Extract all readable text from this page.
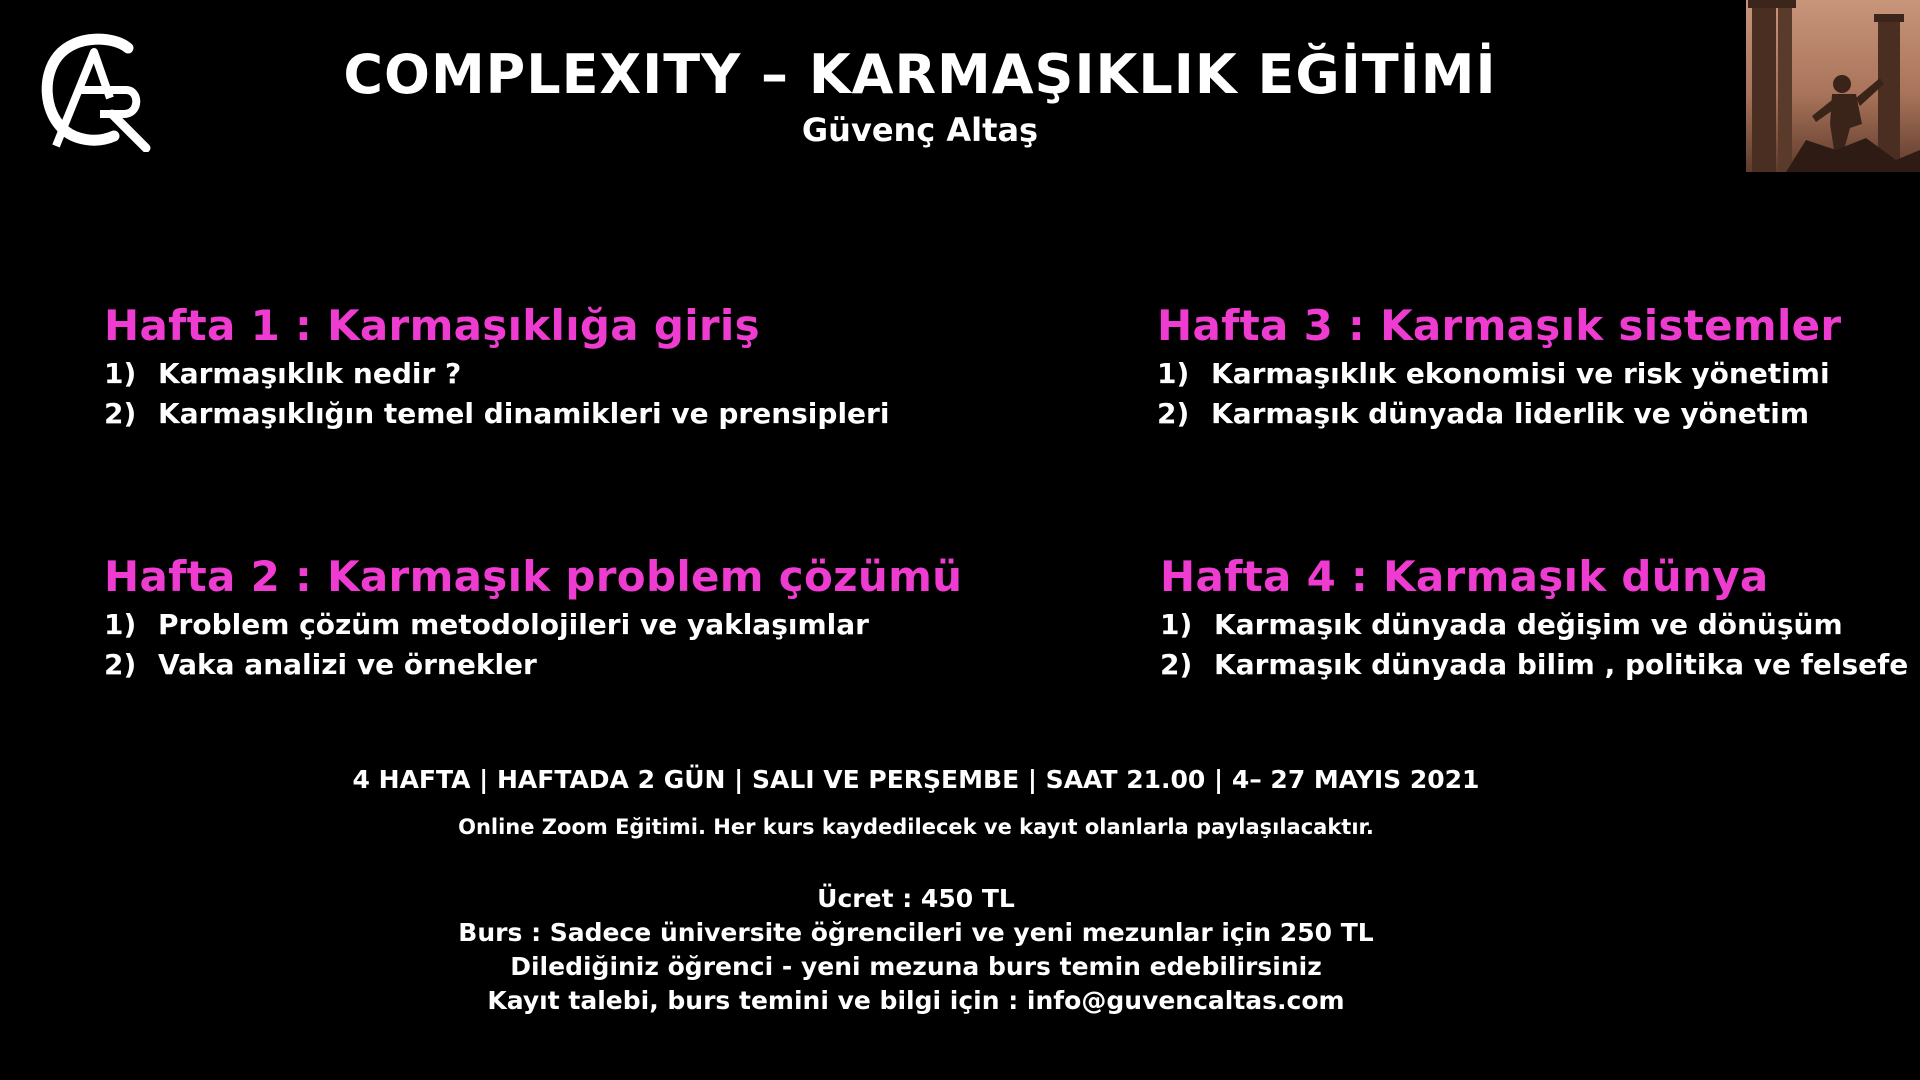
COMPLEXITY – KARMAŞIKLIK EĞİTİMİ
Güvenç Altaş
Hafta 1 : Karmaşıklığa giriş
1) Karmaşıklık nedir ?
2) Karmaşıklığın temel dinamikleri ve prensipleri
Hafta 2 : Karmaşık problem çözümü
1) Problem çözüm metodolojileri ve yaklaşımlar
2) Vaka analizi ve örnekler
Hafta 3 : Karmaşık sistemler
1) Karmaşıklık ekonomisi ve risk yönetimi
2) Karmaşık dünyada liderlik ve yönetim
Hafta 4 : Karmaşık dünya
1) Karmaşık dünyada değişim ve dönüşüm
2) Karmaşık dünyada bilim , politika ve felsefe
4 HAFTA | HAFTADA 2 GÜN | SALI VE PERŞEMBE | SAAT 21.00 | 4– 27 MAYIS 2021
Online Zoom Eğitimi. Her kurs kaydedilecek ve kayıt olanlarla paylaşılacaktır.
Ücret : 450 TL
Burs : Sadece üniversite öğrencileri ve yeni mezunlar için 250 TL
Dilediğiniz öğrenci - yeni mezuna burs temin edebilirsiniz
Kayıt talebi, burs temini ve bilgi için : info@guvencaltas.com
